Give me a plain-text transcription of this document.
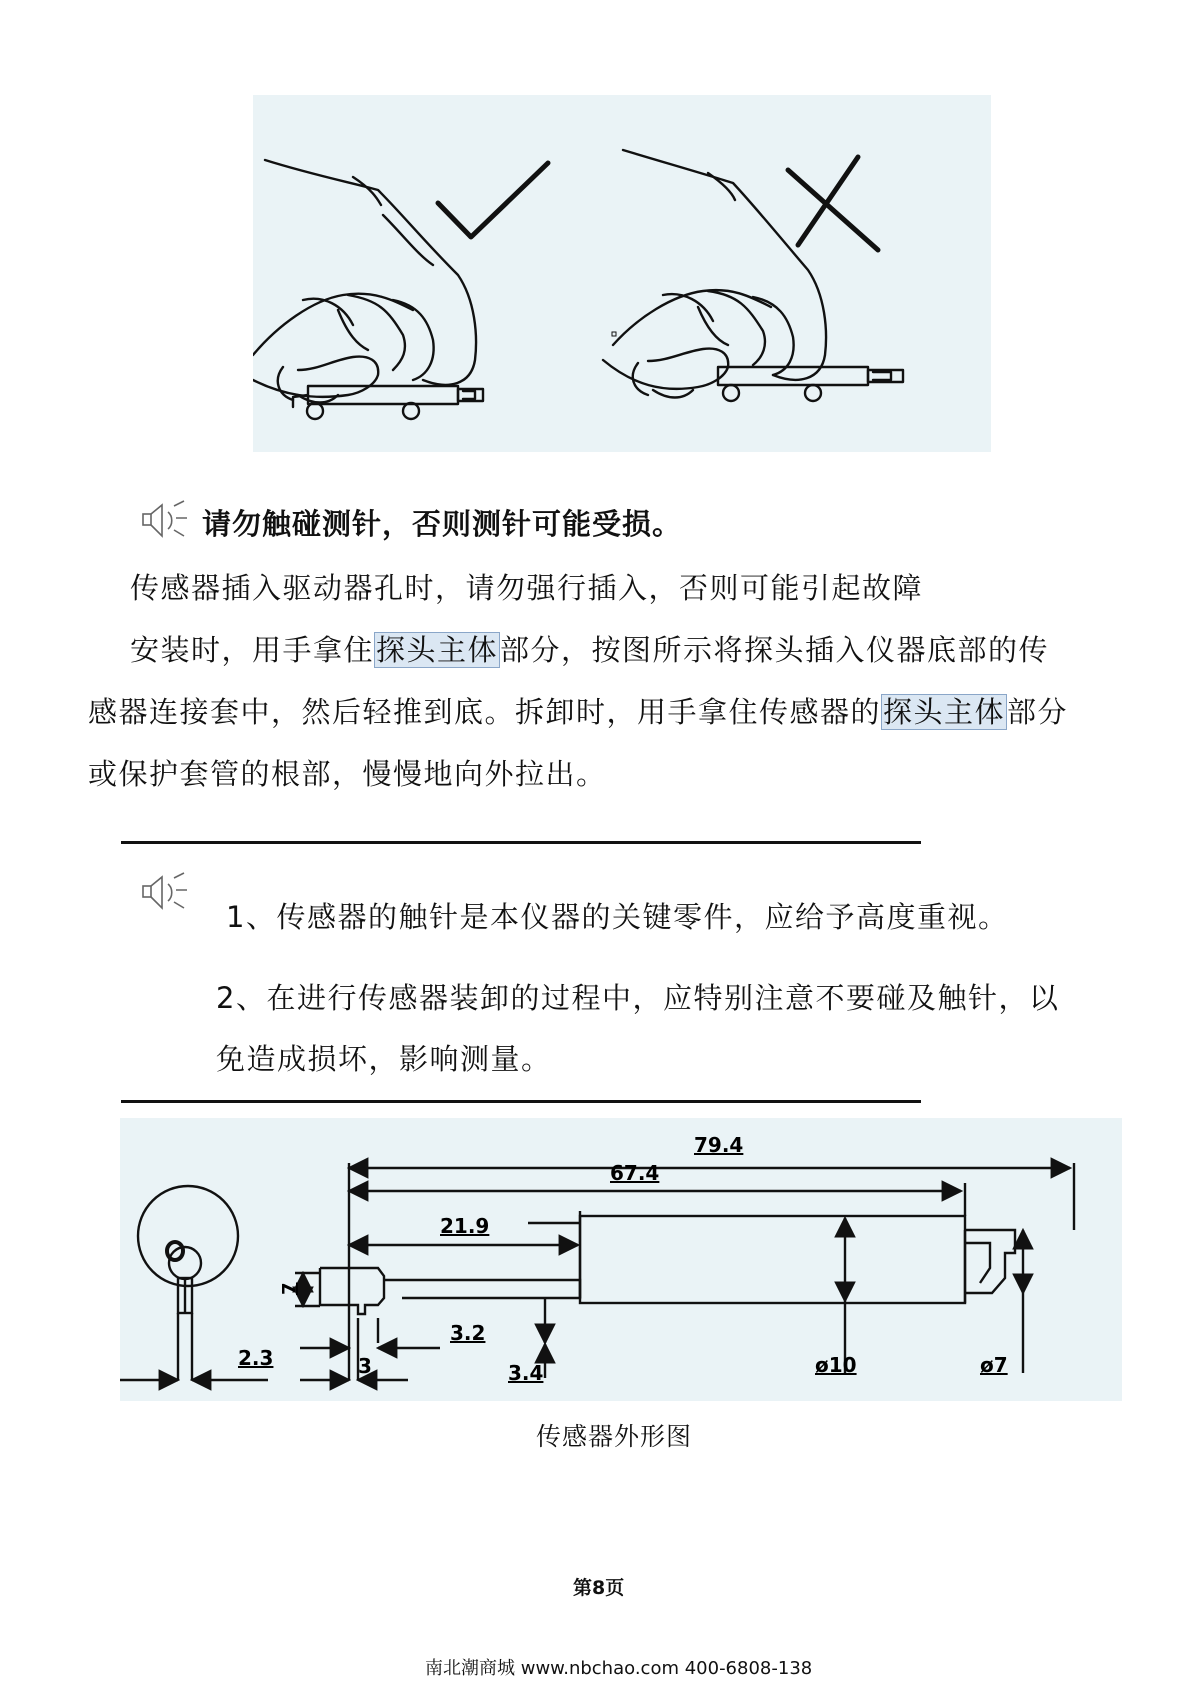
请勿触碰测针，否则测针可能受损。
传感器插入驱动器孔时，请勿强行插入，否则可能引起故障
安装时，用手拿住探头主体部分，按图所示将探头插入仪器底部的传
感器连接套中，然后轻推到底。拆卸时，用手拿住传感器的探头主体部分
或保护套管的根部，慢慢地向外拉出。
1、传感器的触针是本仪器的关键零件，应给予高度重视。
2、在进行传感器装卸的过程中，应特别注意不要碰及触针，以
免造成损坏，影响测量。
79.4
67.4
21.9
7
3.2
3	3.4
2.3	ø10	ø7
传感器外形图
第8页
南北潮商城 www.nbchao.com 400-6808-138
